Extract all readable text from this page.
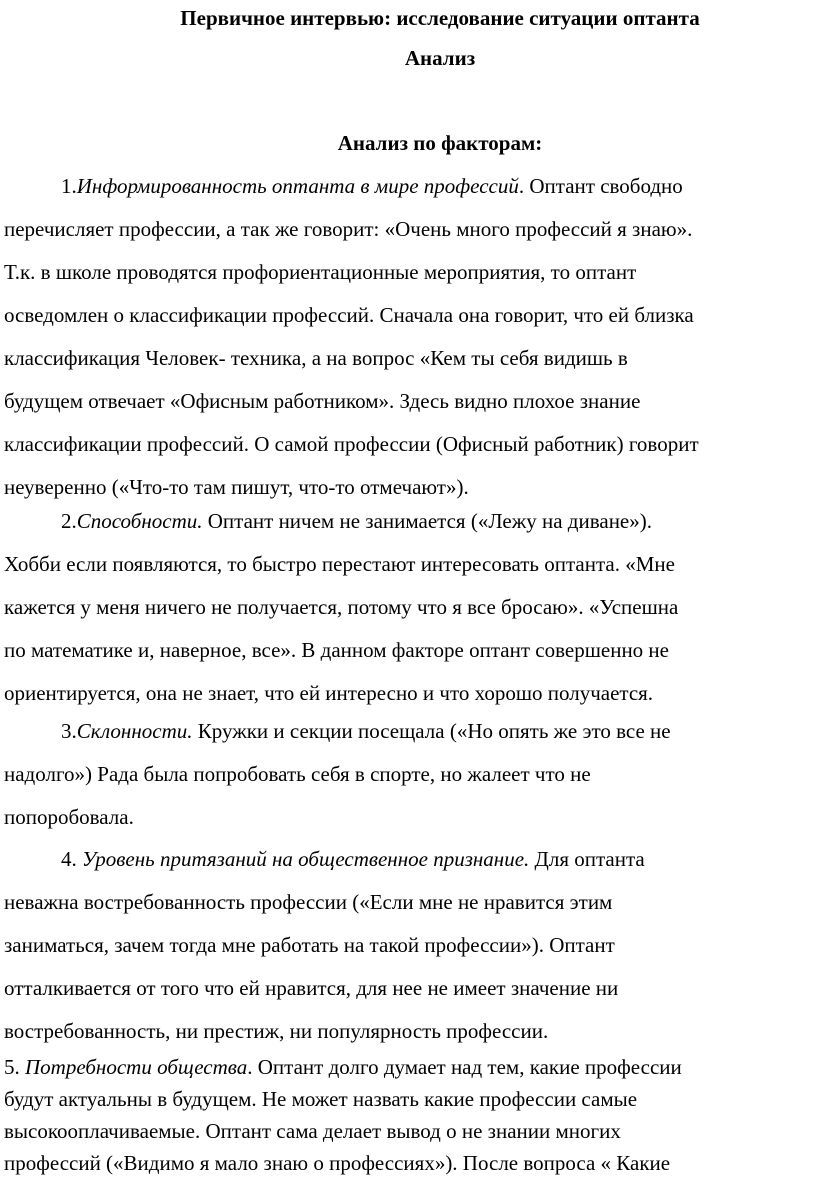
Первичное интервью: исследование ситуации оптанта
Анализ
Анализ по факторам:

1.Информированность оптанта в мире профессий. Оптант свободно
перечисляет профессии, а так же говорит: «Очень много профессий я знаю».
Т.к. в школе проводятся профориентационные мероприятия, то оптант
осведомлен о классификации профессий. Сначала она говорит, что ей близка
классификация Человек- техника, а на вопрос «Кем ты себя видишь в
будущем отвечает «Офисным работником». Здесь видно плохое знание
классификации профессий. О самой профессии (Офисный работник) говорит
неуверенно («Что-то там пишут, что-то отмечают»).

2.Способности. Оптант ничем не занимается («Лежу на диване»).
Хобби если появляются, то быстро перестают интересовать оптанта. «Мне
кажется у меня ничего не получается, потому что я все бросаю». «Успешна
по математике и, наверное, все». В данном факторе оптант совершенно не
ориентируется, она не знает, что ей интересно и что хорошо получается.

3.Склонности. Кружки и секции посещала («Но опять же это все не
надолго») Рада была попробовать себя в спорте, но жалеет что не
попоробовала.

4. Уровень притязаний на общественное признание. Для оптанта
неважна востребованность профессии («Если мне не нравится этим
заниматься, зачем тогда мне работать на такой профессии»). Оптант
отталкивается от того что ей нравится, для нее не имеет значение ни
востребованность, ни престиж, ни популярность профессии.

5. Потребности общества. Оптант долго думает над тем, какие профессии
будут актуальны в будущем. Не может назвать какие профессии самые
высокооплачиваемые. Оптант сама делает вывод о не знании многих
профессий («Видимо я мало знаю о профессиях»). После вопроса « Какие
